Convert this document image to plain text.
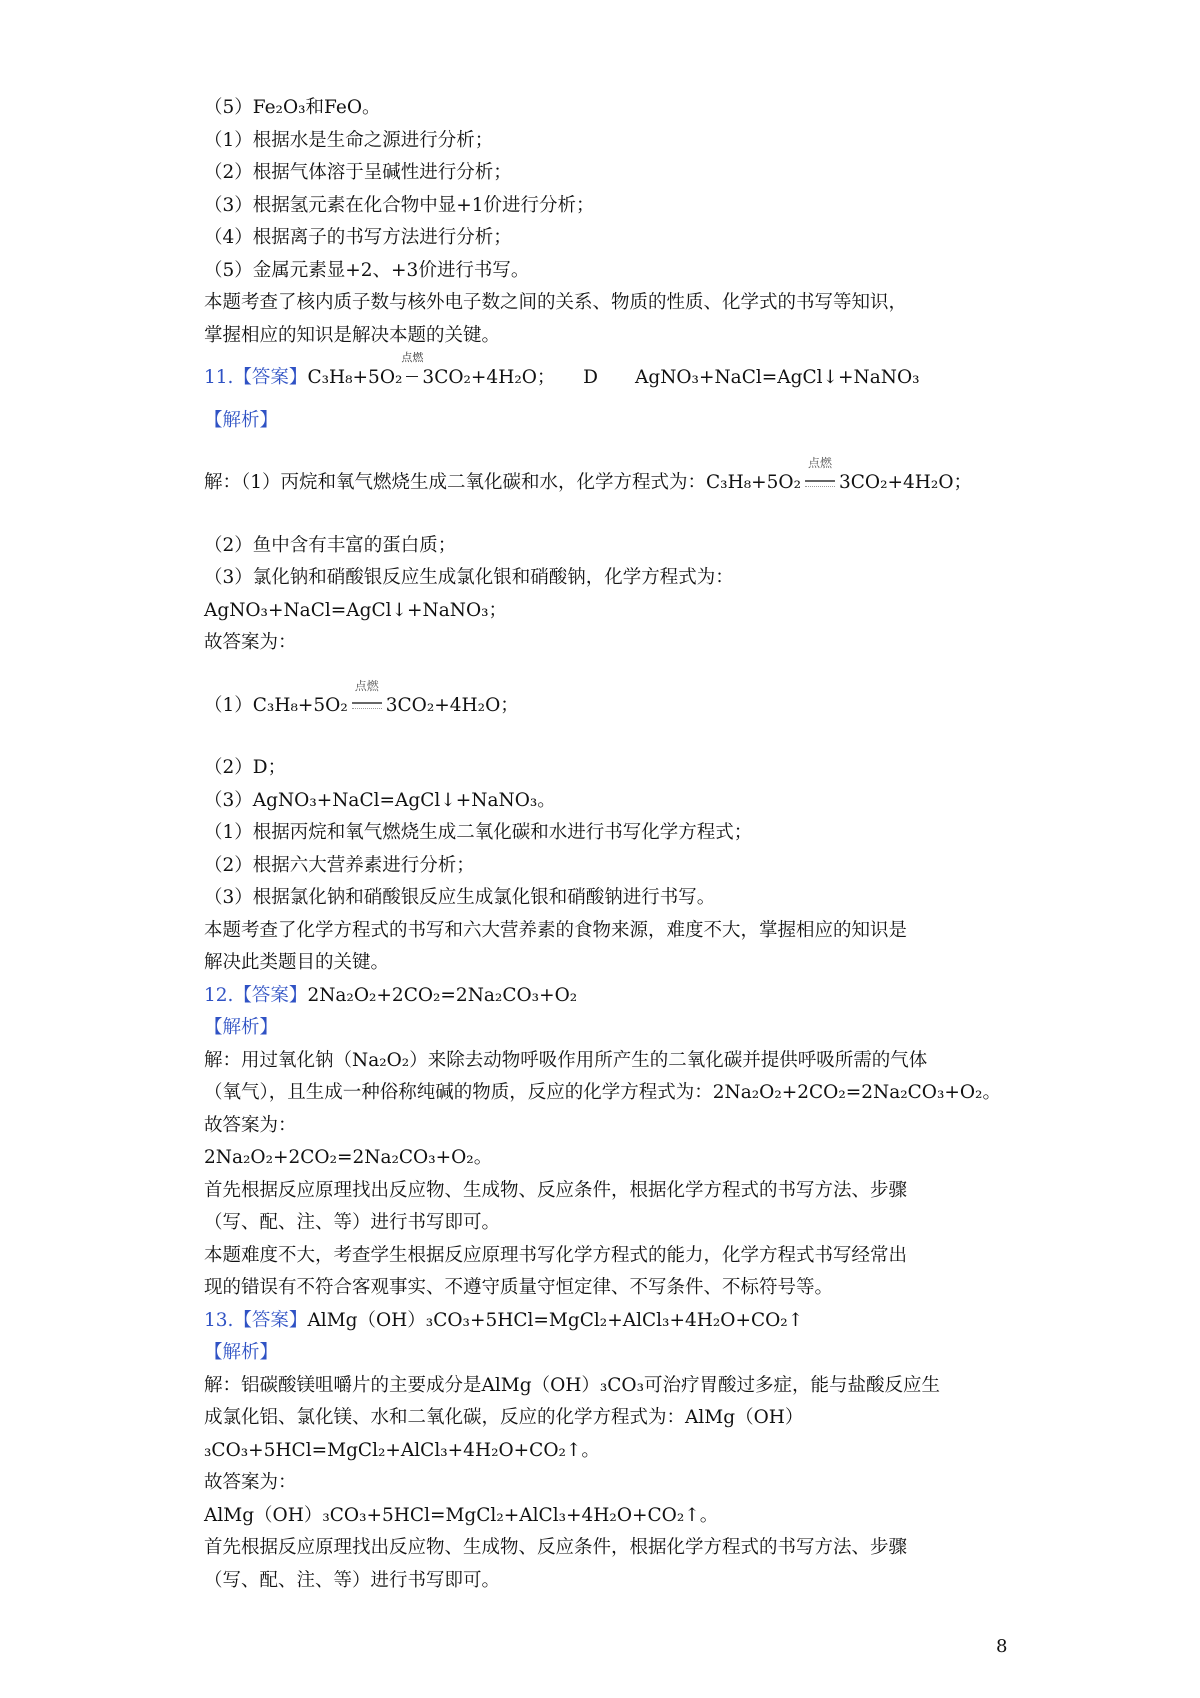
（5）Fe₂O₃和FeO。
（1）根据水是生命之源进行分析；
（2）根据气体溶于呈碱性进行分析；
（3）根据氢元素在化合物中显+1价进行分析；
（4）根据离子的书写方法进行分析；
（5）金属元素显+2、+3价进行书写。
本题考查了核内质子数与核外电子数之间的关系、物质的性质、化学式的书写等知识，
掌握相应的知识是解决本题的关键。
11.【答案】C₃H₈+5O₂
点燃
3CO₂+4H₂O；　　D　　AgNO₃+NaCl=AgCl↓+NaNO₃
【解析】
解：（1）丙烷和氧气燃烧生成二氧化碳和水，化学方程式为：C₃H₈+5O₂
点燃
3CO₂+4H₂O；
（2）鱼中含有丰富的蛋白质；
（3）氯化钠和硝酸银反应生成氯化银和硝酸钠，化学方程式为：
AgNO₃+NaCl=AgCl↓+NaNO₃；
故答案为：
（1）C₃H₈+5O₂
点燃
3CO₂+4H₂O；
（2）D；
（3）AgNO₃+NaCl=AgCl↓+NaNO₃。
（1）根据丙烷和氧气燃烧生成二氧化碳和水进行书写化学方程式；
（2）根据六大营养素进行分析；
（3）根据氯化钠和硝酸银反应生成氯化银和硝酸钠进行书写。
本题考查了化学方程式的书写和六大营养素的食物来源，难度不大，掌握相应的知识是
解决此类题目的关键。
12.【答案】2Na₂O₂+2CO₂=2Na₂CO₃+O₂
【解析】
解：用过氧化钠（Na₂O₂）来除去动物呼吸作用所产生的二氧化碳并提供呼吸所需的气体
（氧气），且生成一种俗称纯碱的物质，反应的化学方程式为：2Na₂O₂+2CO₂=2Na₂CO₃+O₂。
故答案为：
2Na₂O₂+2CO₂=2Na₂CO₃+O₂。
首先根据反应原理找出反应物、生成物、反应条件，根据化学方程式的书写方法、步骤
（写、配、注、等）进行书写即可。
本题难度不大，考查学生根据反应原理书写化学方程式的能力，化学方程式书写经常出
现的错误有不符合客观事实、不遵守质量守恒定律、不写条件、不标符号等。
13.【答案】AlMg（OH）₃CO₃+5HCl=MgCl₂+AlCl₃+4H₂O+CO₂↑
【解析】
解：铝碳酸镁咀嚼片的主要成分是AlMg（OH）₃CO₃可治疗胃酸过多症，能与盐酸反应生
成氯化铝、氯化镁、水和二氧化碳，反应的化学方程式为：AlMg（OH）
₃CO₃+5HCl=MgCl₂+AlCl₃+4H₂O+CO₂↑。
故答案为：
AlMg（OH）₃CO₃+5HCl=MgCl₂+AlCl₃+4H₂O+CO₂↑。
首先根据反应原理找出反应物、生成物、反应条件，根据化学方程式的书写方法、步骤
（写、配、注、等）进行书写即可。
8
